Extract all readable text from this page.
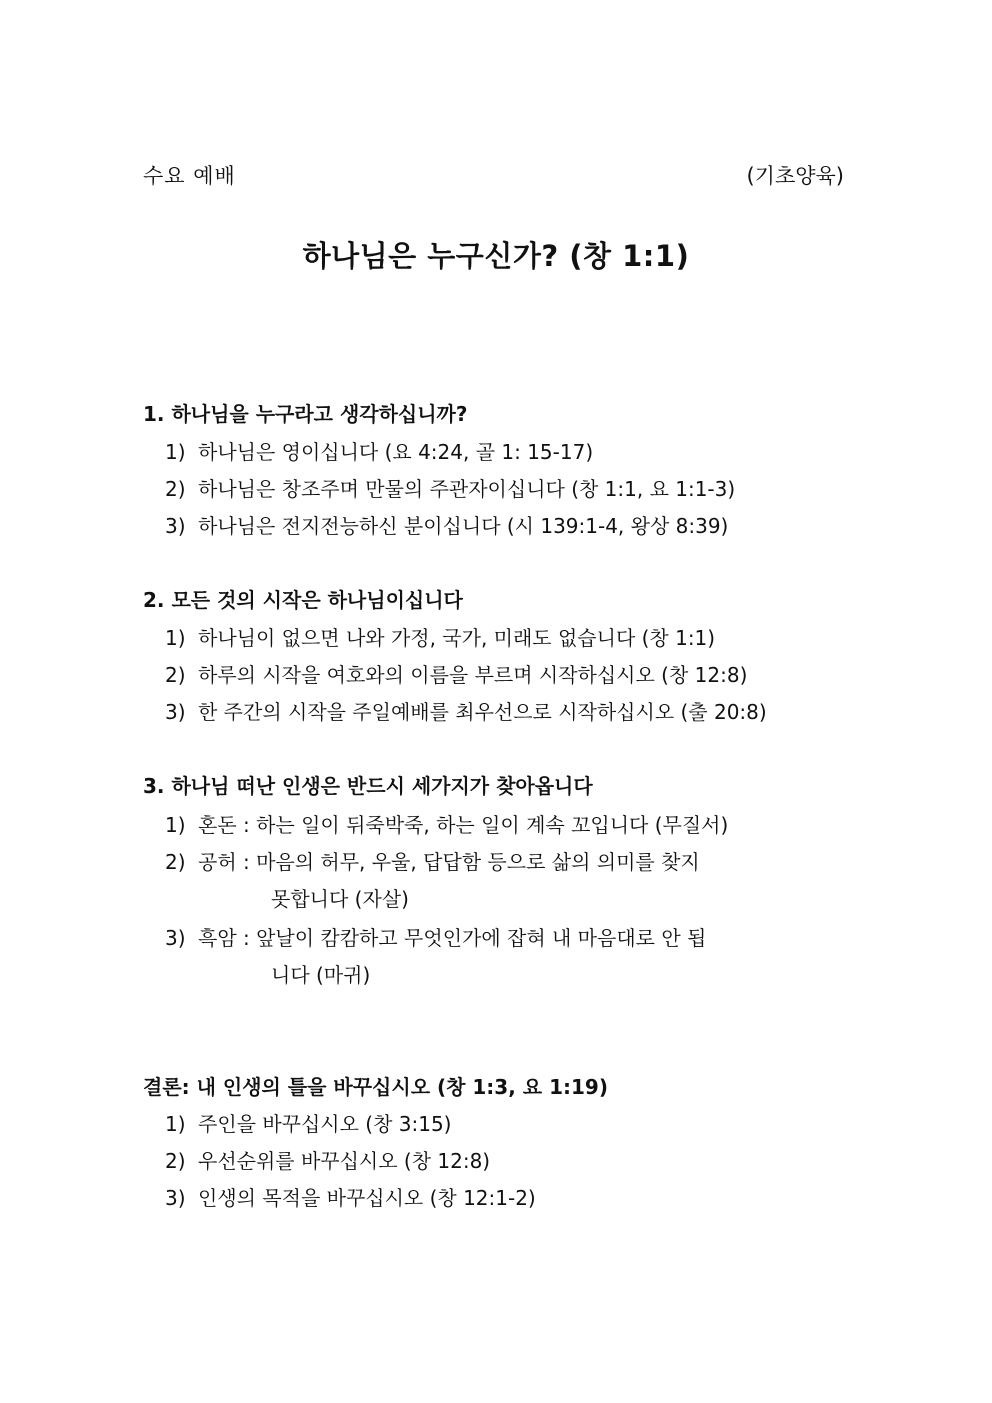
수요 예배	(기초양육)
하나님은 누구신가? (창 1:1)
1. 하나님을 누구라고 생각하십니까?
1) 하나님은 영이십니다 (요 4:24, 골 1: 15-17)
2) 하나님은 창조주며 만물의 주관자이십니다 (창 1:1, 요 1:1-3)
3) 하나님은 전지전능하신 분이십니다 (시 139:1-4, 왕상 8:39)
2. 모든 것의 시작은 하나님이십니다
1) 하나님이 없으면 나와 가정, 국가, 미래도 없습니다 (창 1:1)
2) 하루의 시작을 여호와의 이름을 부르며 시작하십시오 (창 12:8)
3) 한 주간의 시작을 주일예배를 최우선으로 시작하십시오 (출 20:8)
3. 하나님 떠난 인생은 반드시 세가지가 찾아옵니다
1) 혼돈 : 하는 일이 뒤죽박죽, 하는 일이 계속 꼬입니다 (무질서)
2) 공허 : 마음의 허무, 우울, 답답함 등으로 삶의 의미를 찾지
못합니다 (자살)
3) 흑암 : 앞날이 캄캄하고 무엇인가에 잡혀 내 마음대로 안 됩
니다 (마귀)
결론: 내 인생의 틀을 바꾸십시오 (창 1:3, 요 1:19)
1) 주인을 바꾸십시오 (창 3:15)
2) 우선순위를 바꾸십시오 (창 12:8)
3) 인생의 목적을 바꾸십시오 (창 12:1-2)
